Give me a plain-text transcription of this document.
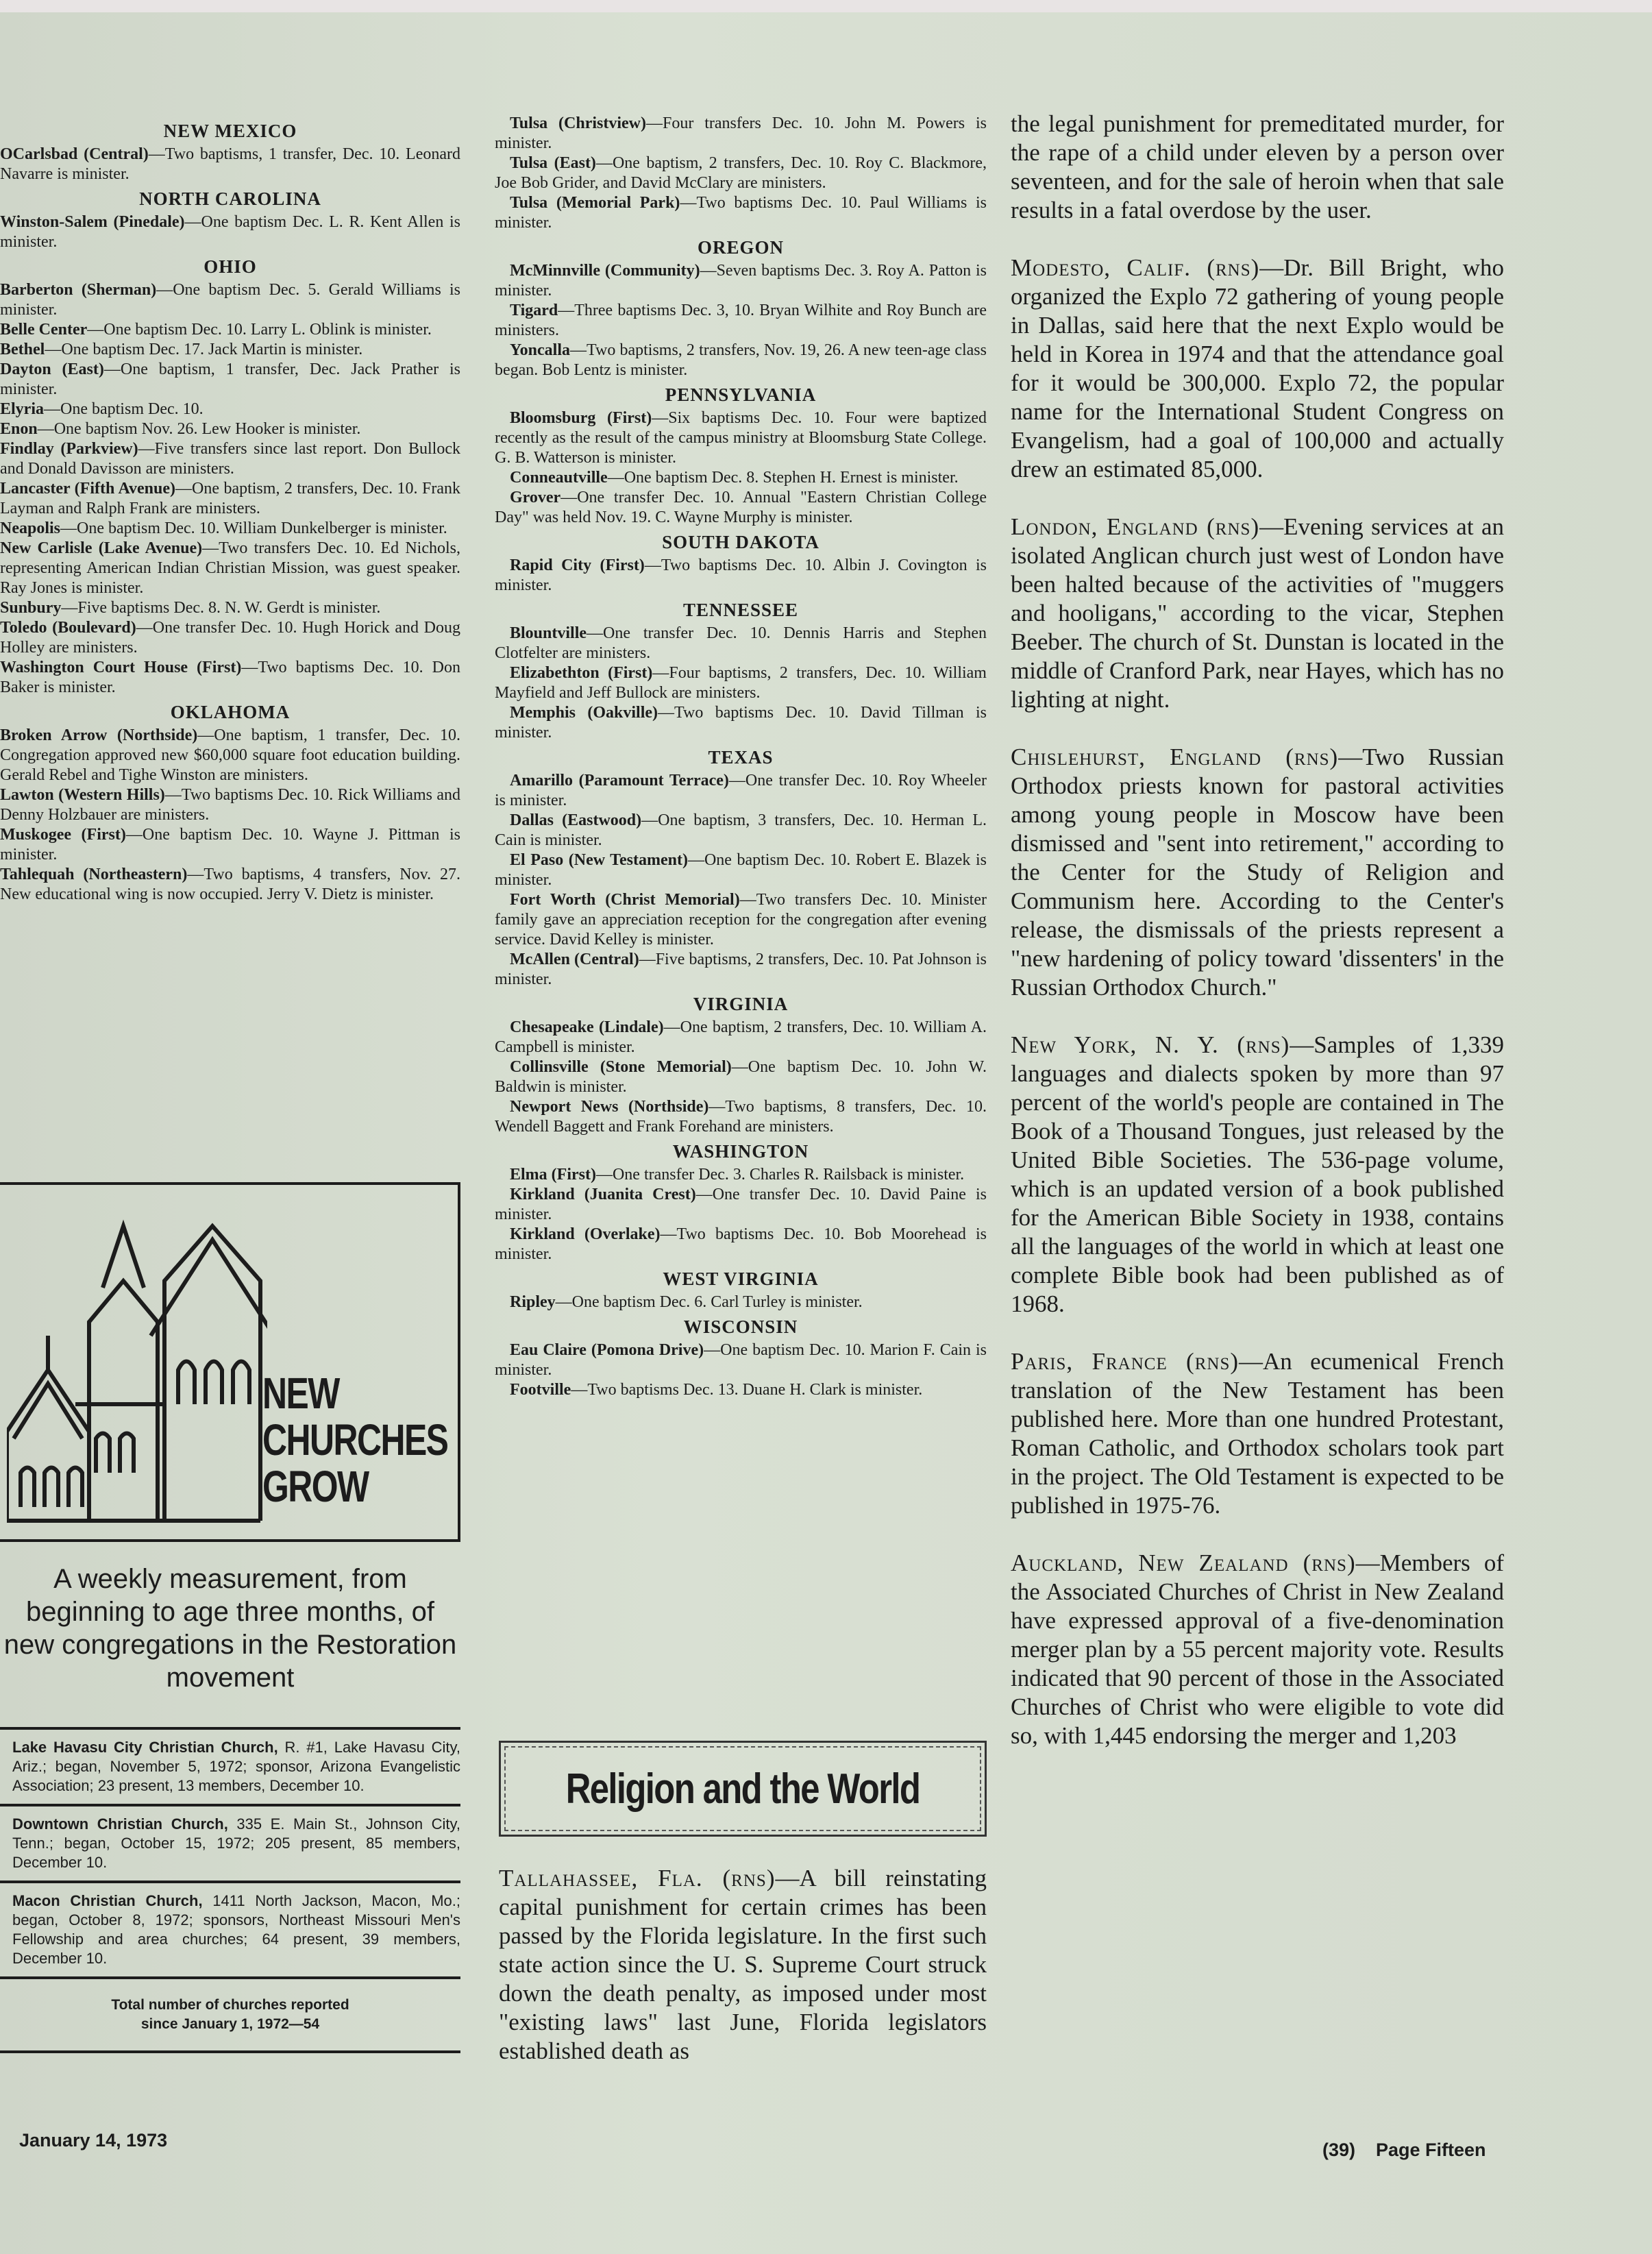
NEW MEXICO

OCarlsbad (Central)—Two baptisms, 1 transfer, Dec. 10. Leonard Navarre is minister.

NORTH CAROLINA

Winston-Salem (Pinedale)—One baptism Dec. L. R. Kent Allen is minister.

OHIO

Barberton (Sherman)—One baptism Dec. 5. Gerald Williams is minister.

Belle Center—One baptism Dec. 10. Larry L. Oblink is minister.

Bethel—One baptism Dec. 17. Jack Martin is minister.

Dayton (East)—One baptism, 1 transfer, Dec. Jack Prather is minister.

Elyria—One baptism Dec. 10.

Enon—One baptism Nov. 26. Lew Hooker is minister.

Findlay (Parkview)—Five transfers since last report. Don Bullock and Donald Davisson are ministers.

Lancaster (Fifth Avenue)—One baptism, 2 transfers, Dec. 10. Frank Layman and Ralph Frank are ministers.

Neapolis—One baptism Dec. 10. William Dunkelberger is minister.

New Carlisle (Lake Avenue)—Two transfers Dec. 10. Ed Nichols, representing American Indian Christian Mission, was guest speaker. Ray Jones is minister.

Sunbury—Five baptisms Dec. 8. N. W. Gerdt is minister.

Toledo (Boulevard)—One transfer Dec. 10. Hugh Horick and Doug Holley are ministers.

Washington Court House (First)—Two baptisms Dec. 10. Don Baker is minister.

OKLAHOMA

Broken Arrow (Northside)—One baptism, 1 transfer, Dec. 10. Congregation approved new $60,000 square foot education building. Gerald Rebel and Tighe Winston are ministers.

Lawton (Western Hills)—Two baptisms Dec. 10. Rick Williams and Denny Holzbauer are ministers.

Muskogee (First)—One baptism Dec. 10. Wayne J. Pittman is minister.

Tahlequah (Northeastern)—Two baptisms, 4 transfers, Nov. 27. New educational wing is now occupied. Jerry V. Dietz is minister.

NEW
CHURCHES
GROW
A weekly measurement, from beginning to age three months, of new congregations in the Restoration movement
Lake Havasu City Christian Church, R. #1, Lake Havasu City, Ariz.; began, November 5, 1972; sponsor, Arizona Evangelistic Association; 23 present, 13 members, December 10.
Downtown Christian Church, 335 E. Main St., Johnson City, Tenn.; began, October 15, 1972; 205 present, 85 members, December 10.
Macon Christian Church, 1411 North Jackson, Macon, Mo.; began, October 8, 1972; sponsors, Northeast Missouri Men's Fellowship and area churches; 64 present, 39 members, December 10.
Total number of churches reported
since January 1, 1972—54

Tulsa (Christview)—Four transfers Dec. 10. John M. Powers is minister.

Tulsa (East)—One baptism, 2 transfers, Dec. 10. Roy C. Blackmore, Joe Bob Grider, and David McClary are ministers.

Tulsa (Memorial Park)—Two baptisms Dec. 10. Paul Williams is minister.

OREGON

McMinnville (Community)—Seven baptisms Dec. 3. Roy A. Patton is minister.

Tigard—Three baptisms Dec. 3, 10. Bryan Wilhite and Roy Bunch are ministers.

Yoncalla—Two baptisms, 2 transfers, Nov. 19, 26. A new teen-age class began. Bob Lentz is minister.

PENNSYLVANIA

Bloomsburg (First)—Six baptisms Dec. 10. Four were baptized recently as the result of the campus ministry at Bloomsburg State College. G. B. Watterson is minister.

Conneautville—One baptism Dec. 8. Stephen H. Ernest is minister.

Grover—One transfer Dec. 10. Annual "Eastern Christian College Day" was held Nov. 19. C. Wayne Murphy is minister.

SOUTH DAKOTA

Rapid City (First)—Two baptisms Dec. 10. Albin J. Covington is minister.

TENNESSEE

Blountville—One transfer Dec. 10. Dennis Harris and Stephen Clotfelter are ministers.

Elizabethton (First)—Four baptisms, 2 transfers, Dec. 10. William Mayfield and Jeff Bullock are ministers.

Memphis (Oakville)—Two baptisms Dec. 10. David Tillman is minister.

TEXAS

Amarillo (Paramount Terrace)—One transfer Dec. 10. Roy Wheeler is minister.

Dallas (Eastwood)—One baptism, 3 transfers, Dec. 10. Herman L. Cain is minister.

El Paso (New Testament)—One baptism Dec. 10. Robert E. Blazek is minister.

Fort Worth (Christ Memorial)—Two transfers Dec. 10. Minister family gave an appreciation reception for the congregation after evening service. David Kelley is minister.

McAllen (Central)—Five baptisms, 2 transfers, Dec. 10. Pat Johnson is minister.

VIRGINIA

Chesapeake (Lindale)—One baptism, 2 transfers, Dec. 10. William A. Campbell is minister.

Collinsville (Stone Memorial)—One baptism Dec. 10. John W. Baldwin is minister.

Newport News (Northside)—Two baptisms, 8 transfers, Dec. 10. Wendell Baggett and Frank Forehand are ministers.

WASHINGTON

Elma (First)—One transfer Dec. 3. Charles R. Railsback is minister.

Kirkland (Juanita Crest)—One transfer Dec. 10. David Paine is minister.

Kirkland (Overlake)—Two baptisms Dec. 10. Bob Moorehead is minister.

WEST VIRGINIA

Ripley—One baptism Dec. 6. Carl Turley is minister.

WISCONSIN

Eau Claire (Pomona Drive)—One baptism Dec. 10. Marion F. Cain is minister.

Footville—Two baptisms Dec. 13. Duane H. Clark is minister.

Religion and the World

Tallahassee, Fla. (rns)—A bill reinstating capital punishment for certain crimes has been passed by the Florida legislature. In the first such state action since the U. S. Supreme Court struck down the death penalty, as imposed under most "existing laws" last June, Florida legislators established death as

the legal punishment for premeditated murder, for the rape of a child under eleven by a person over seventeen, and for the sale of heroin when that sale results in a fatal overdose by the user.

Modesto, Calif. (rns)—Dr. Bill Bright, who organized the Explo 72 gathering of young people in Dallas, said here that the next Explo would be held in Korea in 1974 and that the attendance goal for it would be 300,000. Explo 72, the popular name for the International Student Congress on Evangelism, had a goal of 100,000 and actually drew an estimated 85,000.

London, England (rns)—Evening services at an isolated Anglican church just west of London have been halted because of the activities of "muggers and hooligans," according to the vicar, Stephen Beeber. The church of St. Dunstan is located in the middle of Cranford Park, near Hayes, which has no lighting at night.

Chislehurst, England (rns)—Two Russian Orthodox priests known for pastoral activities among young people in Moscow have been dismissed and "sent into retirement," according to the Center for the Study of Religion and Communism here. According to the Center's release, the dismissals of the priests represent a "new hardening of policy toward 'dissenters' in the Russian Orthodox Church."

New York, N. Y. (rns)—Samples of 1,339 languages and dialects spoken by more than 97 percent of the world's people are contained in The Book of a Thousand Tongues, just released by the United Bible Societies. The 536-page volume, which is an updated version of a book published for the American Bible Society in 1938, contains all the languages of the world in which at least one complete Bible book had been published as of 1968.

Paris, France (rns)—An ecumenical French translation of the New Testament has been published here. More than one hundred Protestant, Roman Catholic, and Orthodox scholars took part in the project. The Old Testament is expected to be published in 1975-76.

Auckland, New Zealand (rns)—Members of the Associated Churches of Christ in New Zealand have expressed approval of a five-denomination merger plan by a 55 percent majority vote. Results indicated that 90 percent of those in the Associated Churches of Christ who were eligible to vote did so, with 1,445 endorsing the merger and 1,203

January 14, 1973	(39) Page Fifteen
